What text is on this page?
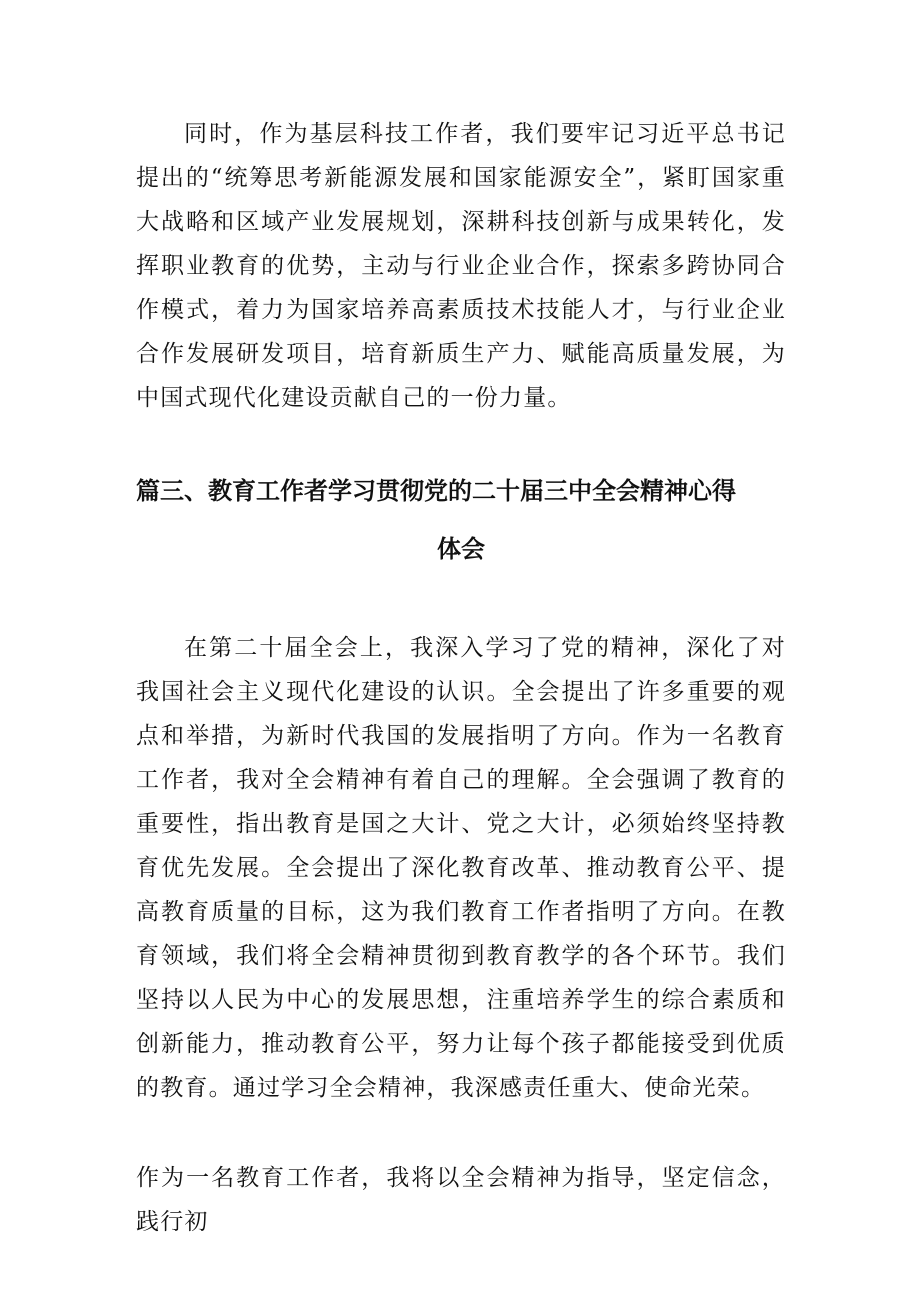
同时，作为基层科技工作者，我们要牢记习近平总书记提出的“统筹思考新能源发展和国家能源安全”，紧盯国家重大战略和区域产业发展规划，深耕科技创新与成果转化，发挥职业教育的优势，主动与行业企业合作，探索多跨协同合作模式，着力为国家培养高素质技术技能人才，与行业企业合作发展研发项目，培育新质生产力、赋能高质量发展，为中国式现代化建设贡献自己的一份力量。

篇三、教育工作者学习贯彻党的二十届三中全会精神心得
体会

在第二十届全会上，我深入学习了党的精神，深化了对我国社会主义现代化建设的认识。全会提出了许多重要的观点和举措，为新时代我国的发展指明了方向。作为一名教育工作者，我对全会精神有着自己的理解。全会强调了教育的重要性，指出教育是国之大计、党之大计，必须始终坚持教育优先发展。全会提出了深化教育改革、推动教育公平、提高教育质量的目标，这为我们教育工作者指明了方向。在教育领域，我们将全会精神贯彻到教育教学的各个环节。我们坚持以人民为中心的发展思想，注重培养学生的综合素质和创新能力，推动教育公平，努力让每个孩子都能接受到优质的教育。通过学习全会精神，我深感责任重大、使命光荣。

作为一名教育工作者，我将以全会精神为指导，坚定信念，践行初
